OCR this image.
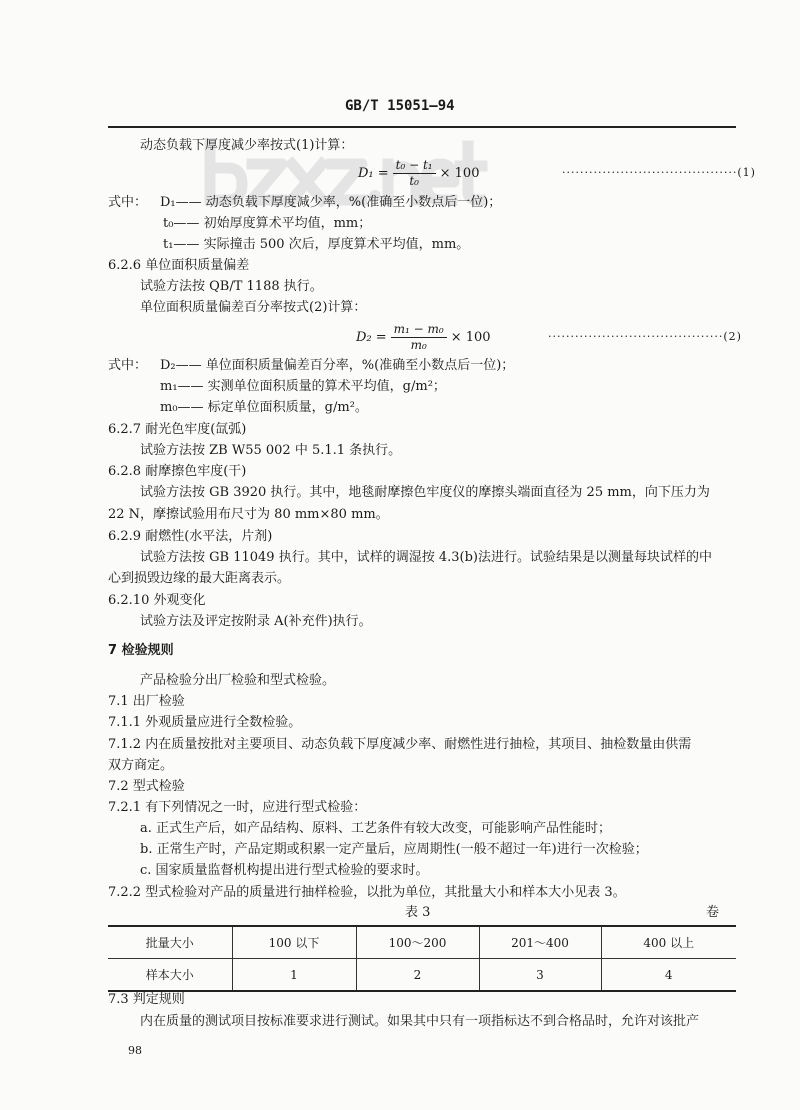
GB/T 15051—94
动态负载下厚度减少率按式(1)计算：
$D_1 = \frac{\text{t₀ − t₁}}{\text{t₀}} \times 100$	·······································(1)
式中： D₁—— 动态负载下厚度减少率，%(准确至小数点后一位)；
t₀—— 初始厚度算术平均值，mm；
t₁—— 实际撞击 500 次后，厚度算术平均值，mm。
6.2.6 单位面积质量偏差
试验方法按 QB/T 1188 执行。
单位面积质量偏差百分率按式(2)计算：
$D_2 = \frac{\text{m₁ − m₀}}{\text{m₀}} \times 100$	·······································(2)
式中： D₂—— 单位面积质量偏差百分率，%(准确至小数点后一位)；
m₁—— 实测单位面积质量的算术平均值，g/m²；
m₀—— 标定单位面积质量，g/m²。
6.2.7 耐光色牢度(氙弧)
试验方法按 ZB W55 002 中 5.1.1 条执行。
6.2.8 耐摩擦色牢度(干)
试验方法按 GB 3920 执行。其中，地毯耐摩擦色牢度仪的摩擦头端面直径为 25 mm，向下压力为
22 N，摩擦试验用布尺寸为 80 mm×80 mm。
6.2.9 耐燃性(水平法，片剂)
试验方法按 GB 11049 执行。其中，试样的调湿按 4.3(b)法进行。试验结果是以测量每块试样的中
心到损毁边缘的最大距离表示。
6.2.10 外观变化
试验方法及评定按附录 A(补充件)执行。
7 检验规则
产品检验分出厂检验和型式检验。
7.1 出厂检验
7.1.1 外观质量应进行全数检验。
7.1.2 内在质量按批对主要项目、动态负载下厚度减少率、耐燃性进行抽检，其项目、抽检数量由供需
双方商定。
7.2 型式检验
7.2.1 有下列情况之一时，应进行型式检验：
a. 正式生产后，如产品结构、原料、工艺条件有较大改变，可能影响产品性能时；
b. 正常生产时，产品定期或积累一定产量后，应周期性(一般不超过一年)进行一次检验；
c. 国家质量监督机构提出进行型式检验的要求时。
7.2.2 型式检验对产品的质量进行抽样检验，以批为单位，其批量大小和样本大小见表 3。
表 3	卷
批量大小	100 以下	100～200	201～400	400 以上
样本大小	1	2	3	4
7.3 判定规则
内在质量的测试项目按标准要求进行测试。如果其中只有一项指标达不到合格品时，允许对该批产
98
